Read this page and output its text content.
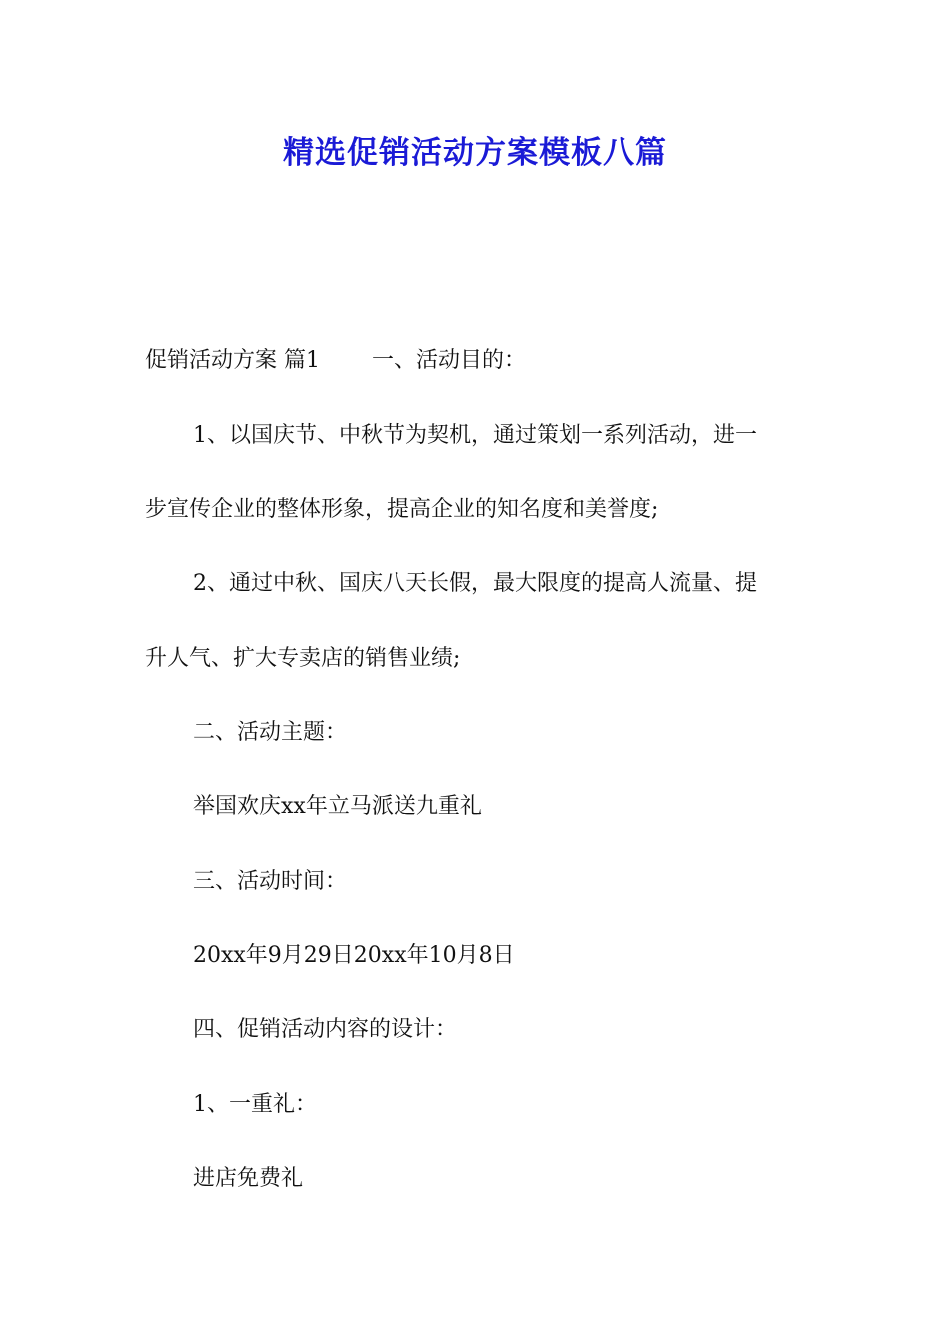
精选促销活动方案模板八篇

促销活动方案 篇1 一、活动目的：

1、以国庆节、中秋节为契机，通过策划一系列活动，进一

步宣传企业的整体形象，提高企业的知名度和美誉度;

2、通过中秋、国庆八天长假，最大限度的提高人流量、提

升人气、扩大专卖店的销售业绩;

二、活动主题：

举国欢庆xx年立马派送九重礼

三、活动时间：

20xx年9月29日20xx年10月8日

四、促销活动内容的设计：

1、一重礼：

进店免费礼
